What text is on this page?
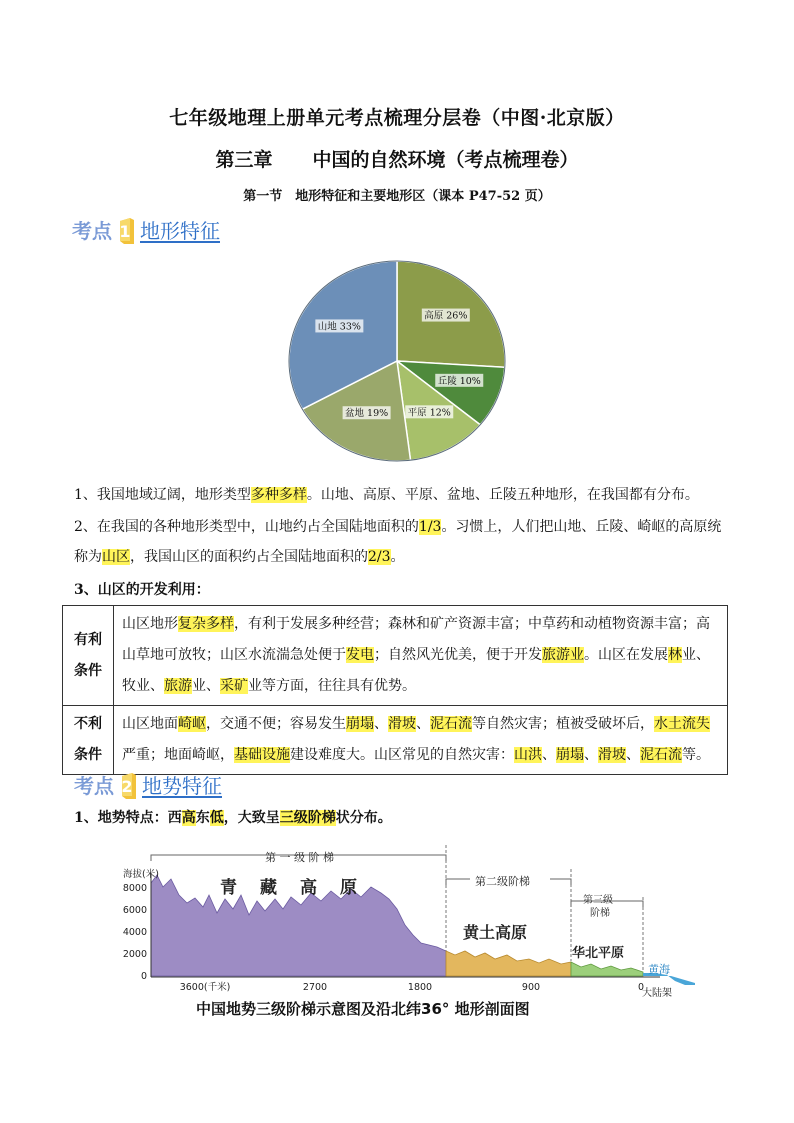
七年级地理上册单元考点梳理分层卷（中图·北京版）
第三章 中国的自然环境（考点梳理卷）
第一节　地形特征和主要地形区（课本 P47-52 页）
考点 1 地形特征
高原 26%
丘陵 10%
平原 12%
盆地 19%
山地 33%
1、我国地域辽阔，地形类型多种多样。山地、高原、平原、盆地、丘陵五种地形，在我国都有分布。
2、在我国的各种地形类型中，山地约占全国陆地面积的1/3。习惯上，人们把山地、丘陵、崎岖的高原统称为山区，我国山区的面积约占全国陆地面积的2/3。
3、山区的开发利用：
有利
条件	山区地形复杂多样，有利于发展多种经营；森林和矿产资源丰富；中草药和动植物资源丰富；高山草地可放牧；山区水流湍急处便于发电；自然风光优美，便于开发旅游业。山区在发展林业、牧业、旅游业、采矿业等方面，往往具有优势。
不利
条件	山区地面崎岖，交通不便；容易发生崩塌、滑坡、泥石流等自然灾害；植被受破坏后，水土流失严重；地面崎岖，基础设施建设难度大。山区常见的自然灾害：山洪、崩塌、滑坡、泥石流等。
考点 2 地势特征
1、地势特点：西高东低，大致呈三级阶梯状分布。
第 一 级 阶 梯
第二级阶梯
第三级
阶梯
8000
6000
4000
2000
0
3600(千米)	2700	1800	900	0
海拔(米)
青　藏　高　原
黄土高原
华北平原
黄海
大陆架
中国地势三级阶梯示意图及沿北纬36° 地形剖面图
